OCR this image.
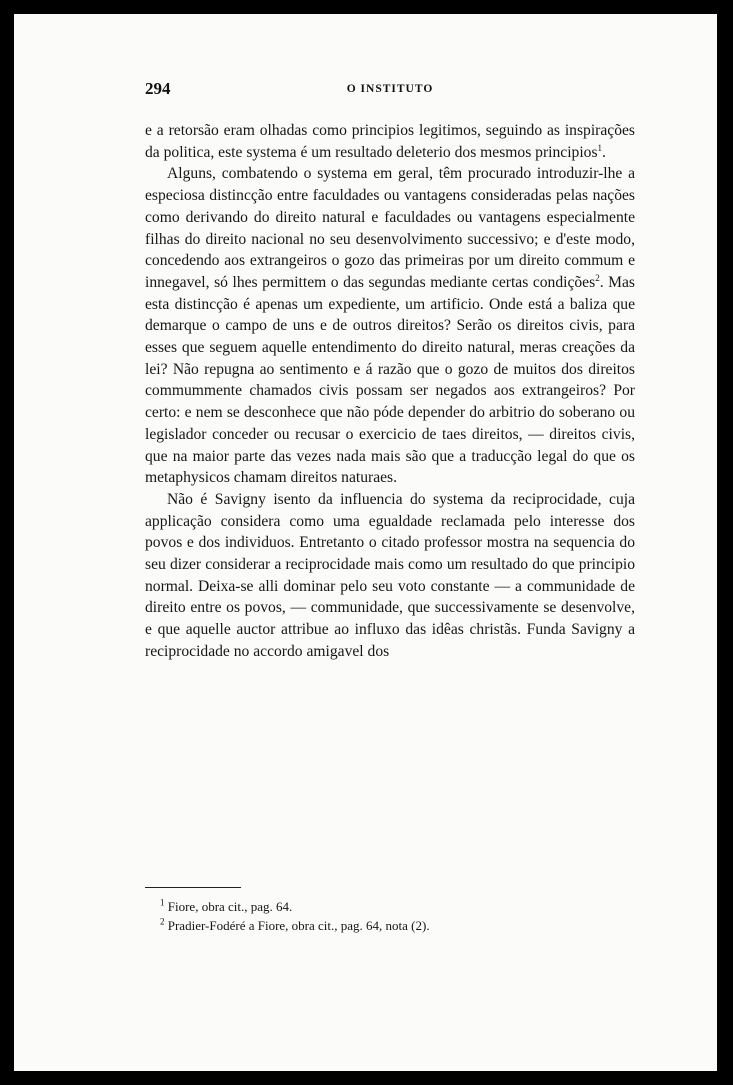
294	O INSTITUTO

e a retorsão eram olhadas como principios legitimos, seguindo as inspirações da politica, este systema é um resultado deleterio dos mesmos principios$^1$.

Alguns, combatendo o systema em geral, têm procurado introduzir-lhe a especiosa distincção entre faculdades ou vantagens consideradas pelas nações como derivando do direito natural e faculdades ou vantagens especialmente filhas do direito nacional no seu desenvolvimento successivo; e d'este modo, concedendo aos extrangeiros o gozo das primeiras por um direito commum e innegavel, só lhes permittem o das segundas mediante certas condições$^2$. Mas esta distincção é apenas um expediente, um artificio. Onde está a baliza que demarque o campo de uns e de outros direitos? Serão os direitos civis, para esses que seguem aquelle entendimento do direito natural, meras creações da lei? Não repugna ao sentimento e á razão que o gozo de muitos dos direitos commummente chamados civis possam ser negados aos extrangeiros? Por certo: e nem se desconhece que não póde depender do arbitrio do soberano ou legislador conceder ou recusar o exercicio de taes direitos, — direitos civis, que na maior parte das vezes nada mais são que a traducção legal do que os metaphysicos chamam direitos naturaes.

Não é Savigny isento da influencia do systema da reciprocidade, cuja applicação considera como uma egualdade reclamada pelo interesse dos povos e dos individuos. Entretanto o citado professor mostra na sequencia do seu dizer considerar a reciprocidade mais como um resultado do que principio normal. Deixa-se alli dominar pelo seu voto constante — a communidade de direito entre os povos, — communidade, que successivamente se desenvolve, e que aquelle auctor attribue ao influxo das idêas christãs. Funda Savigny a reciprocidade no accordo amigavel dos

$^1$ Fiore, obra cit., pag. 64.
$^2$ Pradier-Fodéré a Fiore, obra cit., pag. 64, nota (2).
